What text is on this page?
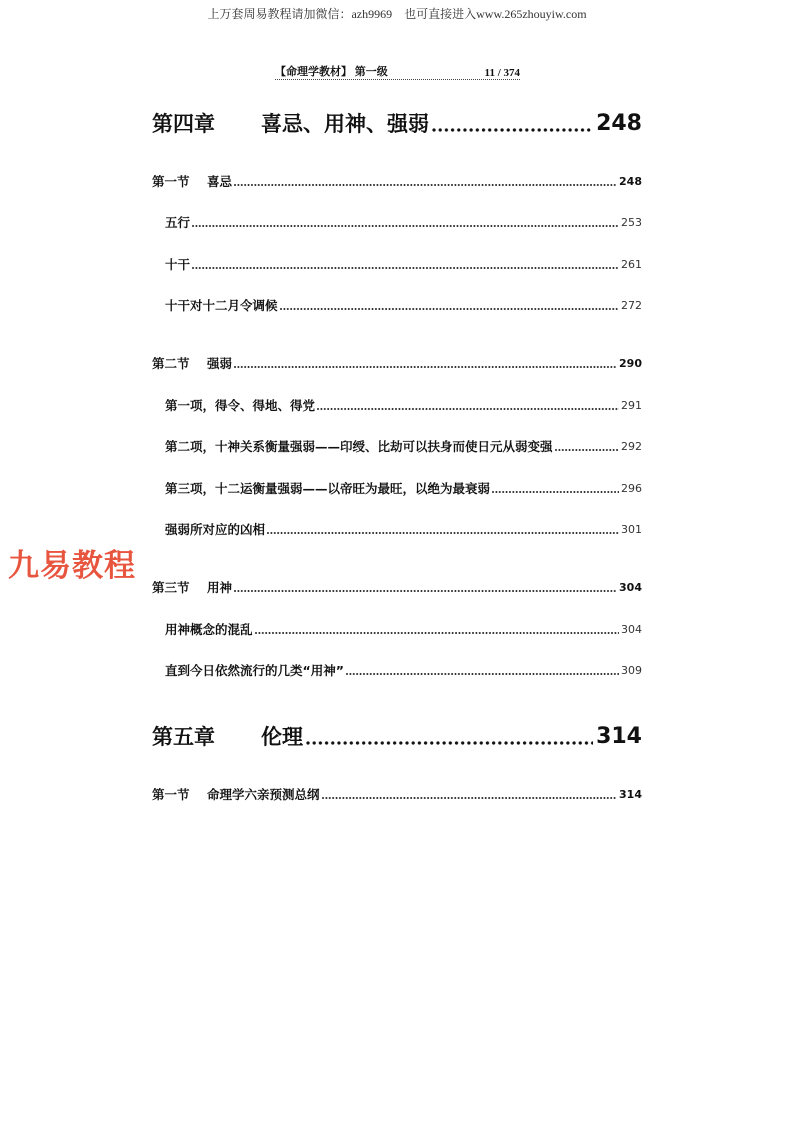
上万套周易教程请加微信：azh9969　也可直接进入www.265zhouyiw.com
【命理学教材】 第一级	11 / 374
第四章	喜忌、用神、强弱	248
第一节	喜忌	248
五行	253
十干	261
十干对十二月令调候	272
第二节	强弱	290
第一项，得令、得地、得党	291
第二项，十神关系衡量强弱——印绶、比劫可以扶身而使日元从弱变强	292
第三项，十二运衡量强弱——以帝旺为最旺，以绝为最衰弱	296
强弱所对应的凶相	301
第三节	用神	304
用神概念的混乱	304
直到今日依然流行的几类“用神”	309
第五章	伦理	314
第一节	命理学六亲预测总纲	314
九易教程
